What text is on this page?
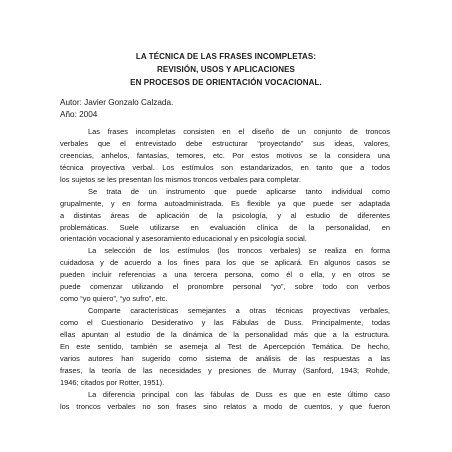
LA TÉCNICA DE LAS FRASES INCOMPLETAS:
REVISIÓN, USOS Y APLICACIONES
EN PROCESOS DE ORIENTACIÓN VOCACIONAL.
Autor: Javier Gonzalo Calzada.
Año: 2004
Las frases incompletas consisten en el diseño de un conjunto de troncos
verbales que el entrevistado debe estructurar “proyectando” sus ideas, valores,
creencias, anhelos, fantasías, temores, etc. Por estos motivos se la considera una
técnica proyectiva verbal. Los estímulos son estandarizados, en tanto que a todos
los sujetos se les presentan los mismos troncos verbales para completar.
Se trata de un instrumento que puede aplicarse tanto individual como
grupalmente, y en forma autoadministrada. Es flexible ya que puede ser adaptada
a distintas áreas de aplicación de la psicología, y al estudio de diferentes
problemáticas. Suele utilizarse en evaluación clínica de la personalidad, en
orientación vocacional y asesoramiento educacional y en psicología social.
La selección de los estímulos (los troncos verbales) se realiza en forma
cuidadosa y de acuerdo a los fines para los que se aplicará. En algunos casos se
pueden incluir referencias a una tercera persona, como él o ella, y en otros se
puede comenzar utilizando el pronombre personal “yo”, sobre todo con verbos
como “yo quiero”, “yo sufro”, etc.
Comparte características semejantes a otras técnicas proyectivas verbales,
como el Cuestionario Desiderativo y las Fábulas de Duss. Principalmente, todas
ellas apuntan al estudio de la dinámica de la personalidad más que a la estructura.
En este sentido, también se asemeja al Test de Apercepción Temática. De hecho,
varios autores han sugerido como sistema de análisis de las respuestas a las
frases, la teoría de las necesidades y presiones de Murray (Sanford, 1943; Rohde,
1946; citados por Rotter, 1951).
La diferencia principal con las fábulas de Duss es que en este último caso
los troncos verbales no son frases sino relatos a modo de cuentos, y que fueron
